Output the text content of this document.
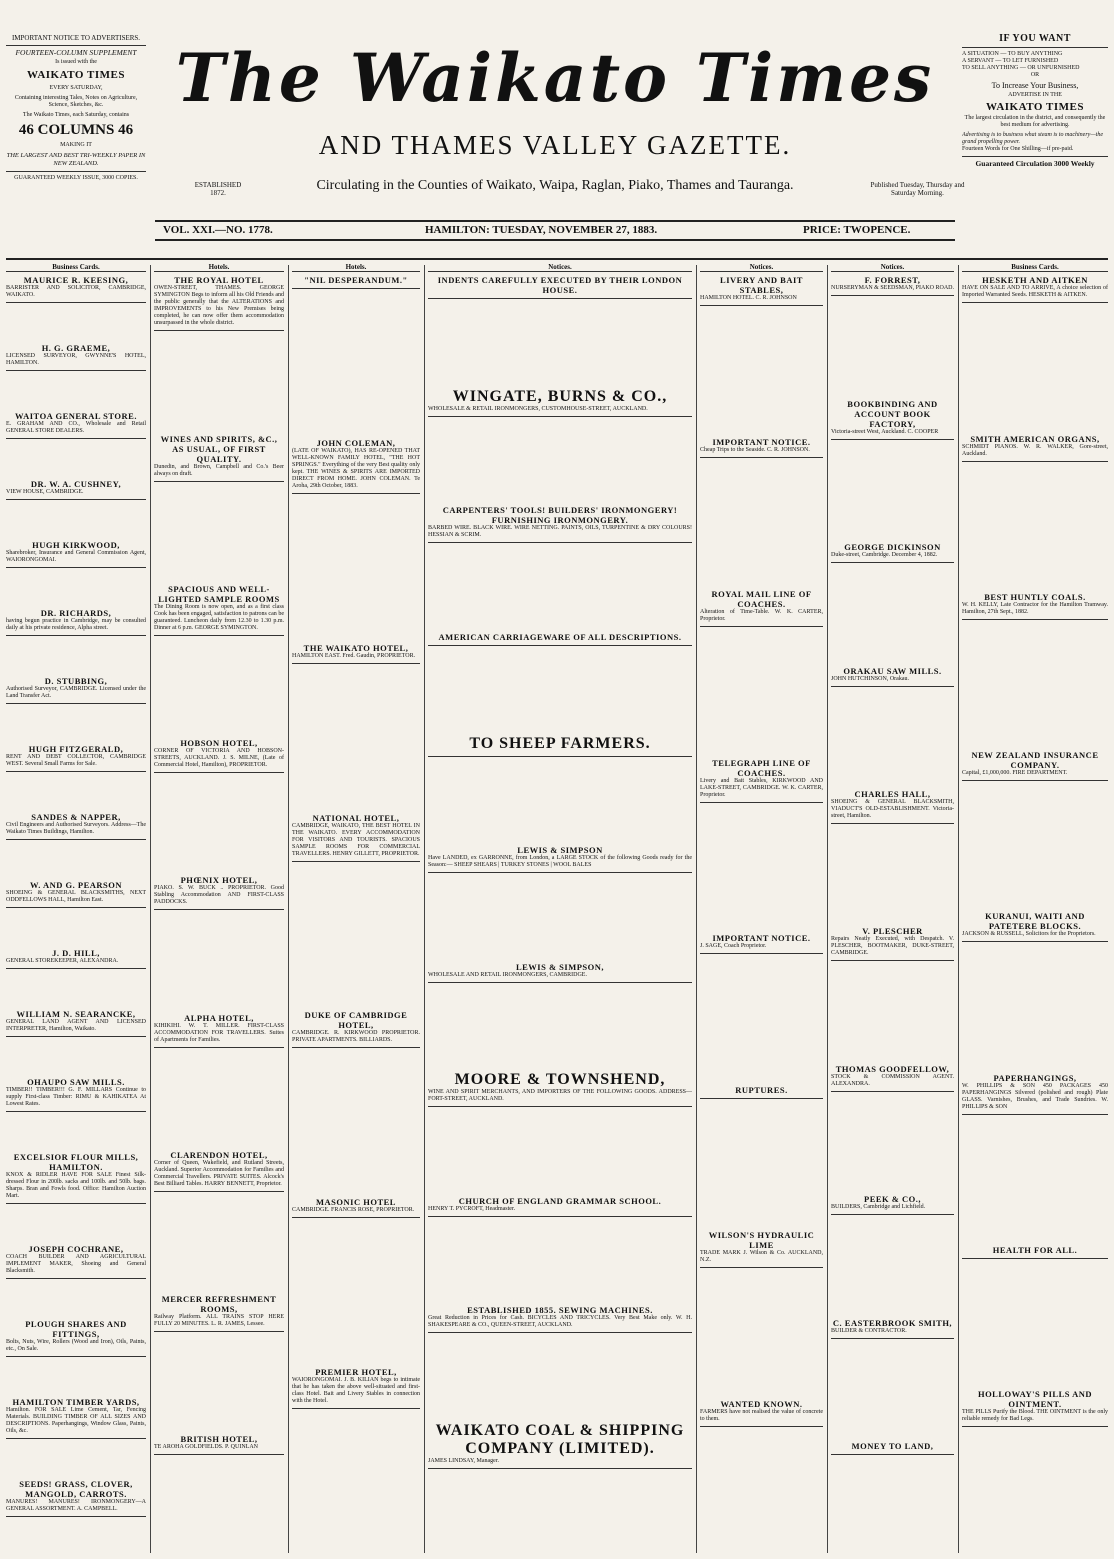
IMPORTANT NOTICE TO ADVERTISERS.
FOURTEEN-COLUMN SUPPLEMENT
Is issued with the
WAIKATO TIMES
EVERY SATURDAY,
Containing interesting Tales, Notes on Agriculture, Science, Sketches, &c.
The Waikato Times, each Saturday, contains
46 COLUMNS 46
MAKING IT
THE LARGEST AND BEST TRI-WEEKLY PAPER IN NEW ZEALAND.
GUARANTEED WEEKLY ISSUE, 3000 COPIES.
IF YOU WANT
A SITUATION — TO BUY ANYTHING
A SERVANT — TO LET FURNISHED
TO SELL ANYTHING — OR UNFURNISHED
OR
To Increase Your Business,
ADVERTISE IN THE
WAIKATO TIMES
The largest circulation in the district, and consequently the best medium for advertising.
Advertising is to business what steam is to machinery—the grand propelling power.
Fourteen Words for One Shilling—if pre-paid.
Guaranteed Circulation 3000 Weekly
The Waikato Times
AND THAMES VALLEY GAZETTE.
ESTABLISHED 1872.	Circulating in the Counties of Waikato, Waipa, Raglan, Piako, Thames and Tauranga.	Published Tuesday, Thursday and Saturday Morning.
VOL. XXI.—NO. 1778.	HAMILTON: TUESDAY, NOVEMBER 27, 1883.	PRICE: TWOPENCE.
Business Cards.
MAURICE R. KEESING,
BARRISTER AND SOLICITOR, CAMBRIDGE, WAIKATO.
H. G. GRAEME,
LICENSED SURVEYOR, GWYNNE'S HOTEL, HAMILTON.
WAITOA GENERAL STORE.
E. GRAHAM AND CO., Wholesale and Retail GENERAL STORE DEALERS.
DR. W. A. CUSHNEY,
VIEW HOUSE, CAMBRIDGE.
HUGH KIRKWOOD,
Sharebroker, Insurance and General Commission Agent, WAIORONGOMAI.
DR. RICHARDS,
having begun practice in Cambridge, may be consulted daily at his private residence, Alpha street.
D. STUBBING,
Authorised Surveyor, CAMBRIDGE. Licensed under the Land Transfer Act.
HUGH FITZGERALD,
RENT AND DEBT COLLECTOR, CAMBRIDGE WEST. Several Small Farms for Sale.
SANDES & NAPPER,
Civil Engineers and Authorised Surveyors. Address—The Waikato Times Buildings, Hamilton.
W. AND G. PEARSON
SHOEING & GENERAL BLACKSMITHS, NEXT ODDFELLOWS HALL, Hamilton East.
J. D. HILL,
GENERAL STOREKEEPER, ALEXANDRA.
WILLIAM N. SEARANCKE,
GENERAL LAND AGENT AND LICENSED INTERPRETER, Hamilton, Waikato.
OHAUPO SAW MILLS.
TIMBER!! TIMBER!!! G. F. MILLARS Continue to supply First-class Timber: RIMU & KAHIKATEA At Lowest Rates.
EXCELSIOR FLOUR MILLS, HAMILTON.
KNOX & RIDLER HAVE FOR SALE Finest Silk-dressed Flour in 200lb. sacks and 100lb. and 50lb. bags. Sharps. Bran and Fowls food. Office: Hamilton Auction Mart.
JOSEPH COCHRANE,
COACH BUILDER AND AGRICULTURAL IMPLEMENT MAKER, Shoeing and General Blacksmith.
PLOUGH SHARES AND FITTINGS,
Bolts, Nuts, Wire, Rollers (Wood and Iron), Oils, Paints, etc., On Sale.
HAMILTON TIMBER YARDS,
Hamilton. FOR SALE Lime Cement, Tar, Fencing Materials. BUILDING TIMBER OF ALL SIZES AND DESCRIPTIONS. Paperhangings, Window Glass, Paints, Oils, &c.
SEEDS! GRASS, CLOVER, MANGOLD, CARROTS.
MANURES! MANURES! IRONMONGERY—A GENERAL ASSORTMENT. A. CAMPBELL.
Hotels.
THE ROYAL HOTEL
OWEN-STREET, THAMES. GEORGE SYMINGTON Begs to inform all his Old Friends and the public generally that the ALTERATIONS and IMPROVEMENTS to his New Premises being completed, he can now offer them accommodation unsurpassed in the whole district.
WINES AND SPIRITS, &C., AS USUAL, OF FIRST QUALITY.
Dunedin, and Brown, Campbell and Co.'s Beer always on draft.
SPACIOUS AND WELL-LIGHTED SAMPLE ROOMS
The Dining Room is now open, and as a first class Cook has been engaged, satisfaction to patrons can be guaranteed. Luncheon daily from 12.30 to 1.30 p.m. Dinner at 6 p.m. GEORGE SYMINGTON.
HOBSON HOTEL,
CORNER OF VICTORIA AND HOBSON-STREETS, AUCKLAND. J. S. MILNE, (Late of Commercial Hotel, Hamilton), PROPRIETOR.
PHŒNIX HOTEL,
PIAKO. S. W. BUCK .. PROPRIETOR. Good Stabling Accommodation AND FIRST-CLASS PADDOCKS.
ALPHA HOTEL,
KIHIKIHI. W. T. MILLER. FIRST-CLASS ACCOMMODATION FOR TRAVELLERS. Suites of Apartments for Families.
CLARENDON HOTEL,
Corner of Queen, Wakefield, and Rutland Streets, Auckland. Superior Accommodation for Families and Commercial Travellers. PRIVATE SUITES. Alcock's Best Billiard Tables. HARRY BENNETT, Proprietor.
MERCER REFRESHMENT ROOMS,
Railway Platform. ALL TRAINS STOP HERE FULLY 20 MINUTES. L. R. JAMES, Lessee.
BRITISH HOTEL,
TE AROHA GOLDFIELDS. P. QUINLAN
Hotels.
"NIL DESPERANDUM."
JOHN COLEMAN,
(LATE OF WAIKATO), HAS RE-OPENED THAT WELL-KNOWN FAMILY HOTEL, "THE HOT SPRINGS." Everything of the very Best quality only kept. THE WINES & SPIRITS ARE IMPORTED DIRECT FROM HOME. JOHN COLEMAN. Te Aroha, 29th October, 1883.
THE WAIKATO HOTEL,
HAMILTON EAST. Fred. Gaudin, PROPRIETOR.
NATIONAL HOTEL,
CAMBRIDGE, WAIKATO, THE BEST HOTEL IN THE WAIKATO. EVERY ACCOMMODATION FOR VISITORS AND TOURISTS. SPACIOUS SAMPLE ROOMS FOR COMMERCIAL TRAVELLERS. HENRY GILLETT, PROPRIETOR.
DUKE OF CAMBRIDGE HOTEL,
CAMBRIDGE. R. KIRKWOOD PROPRIETOR. PRIVATE APARTMENTS. BILLIARDS.
MASONIC HOTEL
CAMBRIDGE. FRANCIS ROSE, PROPRIETOR.
PREMIER HOTEL,
WAIORONGOMAI. J. B. KILIAN begs to intimate that he has taken the above well-situated and first-class Hotel. Bait and Livery Stables in connection with the Hotel.
Notices.
INDENTS CAREFULLY EXECUTED BY THEIR LONDON HOUSE.
WINGATE, BURNS & CO.,
WHOLESALE & RETAIL IRONMONGERS, CUSTOMHOUSE-STREET, AUCKLAND.
CARPENTERS' TOOLS! BUILDERS' IRONMONGERY! FURNISHING IRONMONGERY.
BARBED WIRE. BLACK WIRE. WIRE NETTING. PAINTS, OILS, TURPENTINE & DRY COLOURS! HESSIAN & SCRIM.
AMERICAN CARRIAGEWARE OF ALL DESCRIPTIONS.
TO SHEEP FARMERS.
LEWIS & SIMPSON
Have LANDED, ex GARRONNE, from London, a LARGE STOCK of the following Goods ready for the Season:— SHEEP SHEARS | TURKEY STONES | WOOL BALES
LEWIS & SIMPSON,
WHOLESALE AND RETAIL IRONMONGERS, CAMBRIDGE.
MOORE & TOWNSHEND,
WINE AND SPIRIT MERCHANTS, AND IMPORTERS OF THE FOLLOWING GOODS. ADDRESS—FORT-STREET, AUCKLAND.
CHURCH OF ENGLAND GRAMMAR SCHOOL.
HENRY T. PYCROFT, Headmaster.
ESTABLISHED 1855. SEWING MACHINES.
Great Reduction in Prices for Cash. BICYCLES AND TRICYCLES. Very Best Make only. W. H. SHAKESPEARE & CO., QUEEN-STREET, AUCKLAND.
WAIKATO COAL & SHIPPING COMPANY (LIMITED).
JAMES LINDSAY, Manager.
Notices.
LIVERY AND BAIT STABLES,
HAMILTON HOTEL. C. R. JOHNSON
IMPORTANT NOTICE.
Cheap Trips to the Seaside. C. R. JOHNSON.
ROYAL MAIL LINE OF COACHES.
Alteration of Time-Table. W. K. CARTER, Proprietor.
TELEGRAPH LINE OF COACHES.
Livery and Bait Stables, KIRKWOOD AND LAKE-STREET, CAMBRIDGE. W. K. CARTER, Proprietor.
IMPORTANT NOTICE.
J. SAGE, Coach Proprietor.
RUPTURES.
WILSON'S HYDRAULIC LIME
TRADE MARK J. Wilson & Co. AUCKLAND, N.Z.
WANTED KNOWN.
FARMERS have not realised the value of concrete to them.
Notices.
F. FORREST,
NURSERYMAN & SEEDSMAN, PIAKO ROAD.
BOOKBINDING AND ACCOUNT BOOK FACTORY,
Victoria-street West, Auckland. C. COOPER
GEORGE DICKINSON
Duke-street, Cambridge. December 4, 1882.
ORAKAU SAW MILLS.
JOHN HUTCHINSON, Orakau.
CHARLES HALL,
SHOEING & GENERAL BLACKSMITH, VIADUCT'S OLD-ESTABLISHMENT. Victoria-street, Hamilton.
V. PLESCHER
Repairs Neatly Executed, with Despatch. V. PLESCHER, BOOTMAKER, DUKE-STREET, CAMBRIDGE.
THOMAS GOODFELLOW,
STOCK & COMMISSION AGENT. ALEXANDRA.
PEEK & CO.,
BUILDERS, Cambridge and Lichfield.
C. EASTERBROOK SMITH,
BUILDER & CONTRACTOR.
MONEY TO LAND,
Business Cards.
HESKETH AND AITKEN
HAVE ON SALE AND TO ARRIVE, A choice selection of Imported Warranted Seeds. HESKETH & AITKEN.
SMITH AMERICAN ORGANS,
SCHMIDT PIANOS. W. R. WALKER, Gore-street, Auckland.
BEST HUNTLY COALS.
W. H. KELLY, Late Contractor for the Hamilton Tramway. Hamilton, 27th Sept., 1882.
NEW ZEALAND INSURANCE COMPANY.
Capital, £1,000,000. FIRE DEPARTMENT.
KURANUI, WAITI AND PATETERE BLOCKS.
JACKSON & RUSSELL, Solicitors for the Proprietors.
PAPERHANGINGS,
W. PHILLIPS & SON 450 PACKAGES 450 PAPERHANGINGS Silvered (polished and rough) Plate GLASS. Varnishes, Brushes, and Trade Sundries. W. PHILLIPS & SON
HEALTH FOR ALL.
HOLLOWAY'S PILLS AND OINTMENT.
THE PILLS Purify the Blood. THE OINTMENT is the only reliable remedy for Bad Legs.
